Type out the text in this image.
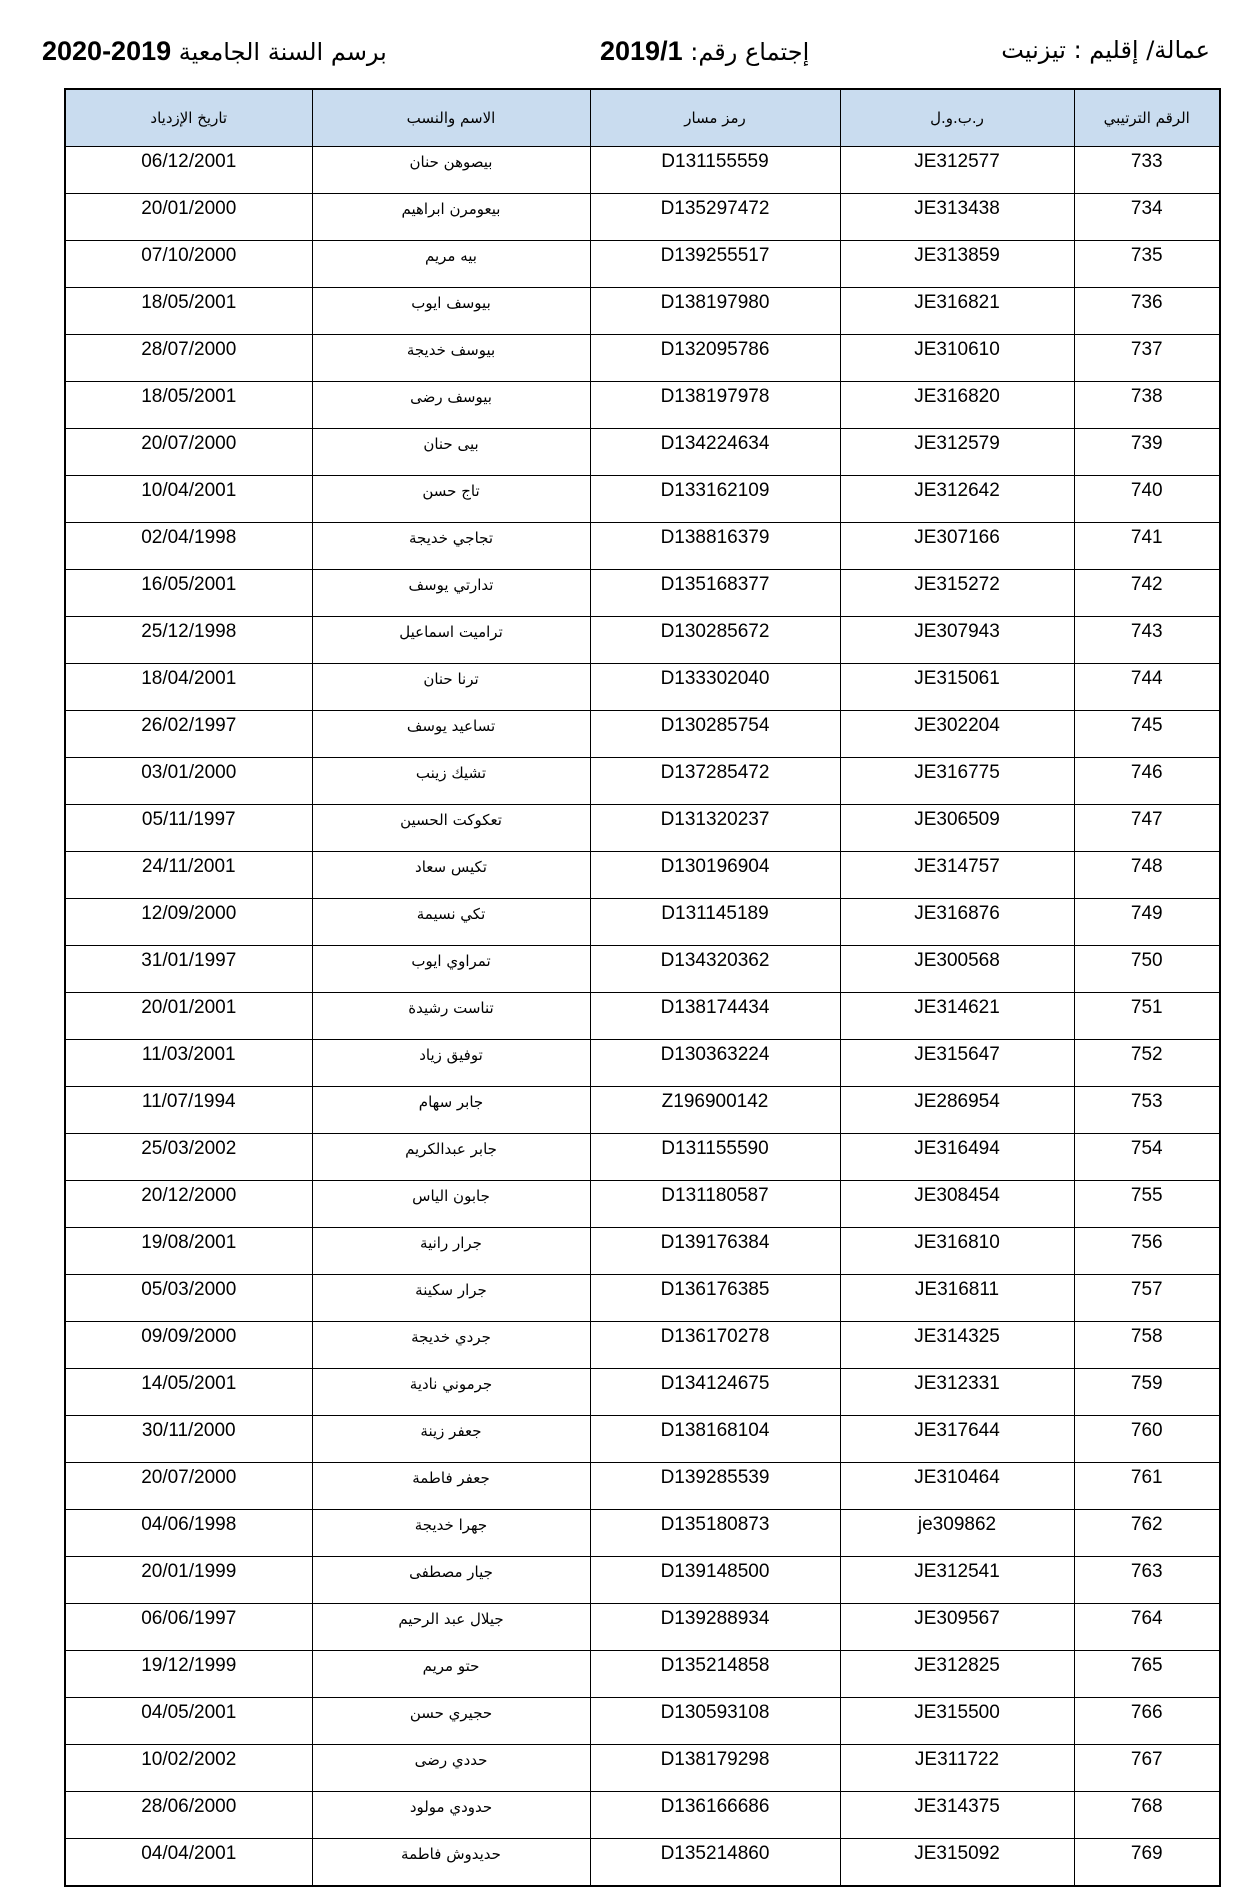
عمالة/ إقليم : تيزنيت
إجتماع رقم: 2019/1
برسم السنة الجامعية 2020-2019
تاريخ الإزدياد	الاسم والنسب	رمز مسار	ر.ب.و.ل	الرقم الترتيبي
06/12/2001	بيصوهن حنان	D131155559	JE312577	733
20/01/2000	بيعومرن ابراهيم	D135297472	JE313438	734
07/10/2000	بيه مريم	D139255517	JE313859	735
18/05/2001	بيوسف ايوب	D138197980	JE316821	736
28/07/2000	بيوسف خديجة	D132095786	JE310610	737
18/05/2001	بيوسف رضى	D138197978	JE316820	738
20/07/2000	بيى حنان	D134224634	JE312579	739
10/04/2001	تاج حسن	D133162109	JE312642	740
02/04/1998	تجاجي خديجة	D138816379	JE307166	741
16/05/2001	تدارتي يوسف	D135168377	JE315272	742
25/12/1998	تراميت اسماعيل	D130285672	JE307943	743
18/04/2001	ترنا حنان	D133302040	JE315061	744
26/02/1997	تساعيد يوسف	D130285754	JE302204	745
03/01/2000	تشيك زينب	D137285472	JE316775	746
05/11/1997	تعكوكت الحسين	D131320237	JE306509	747
24/11/2001	تكيس سعاد	D130196904	JE314757	748
12/09/2000	تكي نسيمة	D131145189	JE316876	749
31/01/1997	تمراوي ايوب	D134320362	JE300568	750
20/01/2001	تناست رشيدة	D138174434	JE314621	751
11/03/2001	توفيق زياد	D130363224	JE315647	752
11/07/1994	جابر سهام	Z196900142	JE286954	753
25/03/2002	جابر عبدالكريم	D131155590	JE316494	754
20/12/2000	جابون الياس	D131180587	JE308454	755
19/08/2001	جرار رانية	D139176384	JE316810	756
05/03/2000	جرار سكينة	D136176385	JE316811	757
09/09/2000	جردي خديجة	D136170278	JE314325	758
14/05/2001	جرموني نادية	D134124675	JE312331	759
30/11/2000	جعفر زينة	D138168104	JE317644	760
20/07/2000	جعفر فاطمة	D139285539	JE310464	761
04/06/1998	جهرا خديجة	D135180873	je309862	762
20/01/1999	جيار مصطفى	D139148500	JE312541	763
06/06/1997	جيلال عبد الرحيم	D139288934	JE309567	764
19/12/1999	حتو مريم	D135214858	JE312825	765
04/05/2001	حجيري حسن	D130593108	JE315500	766
10/02/2002	حددي رضى	D138179298	JE311722	767
28/06/2000	حدودي مولود	D136166686	JE314375	768
04/04/2001	حديدوش فاطمة	D135214860	JE315092	769
